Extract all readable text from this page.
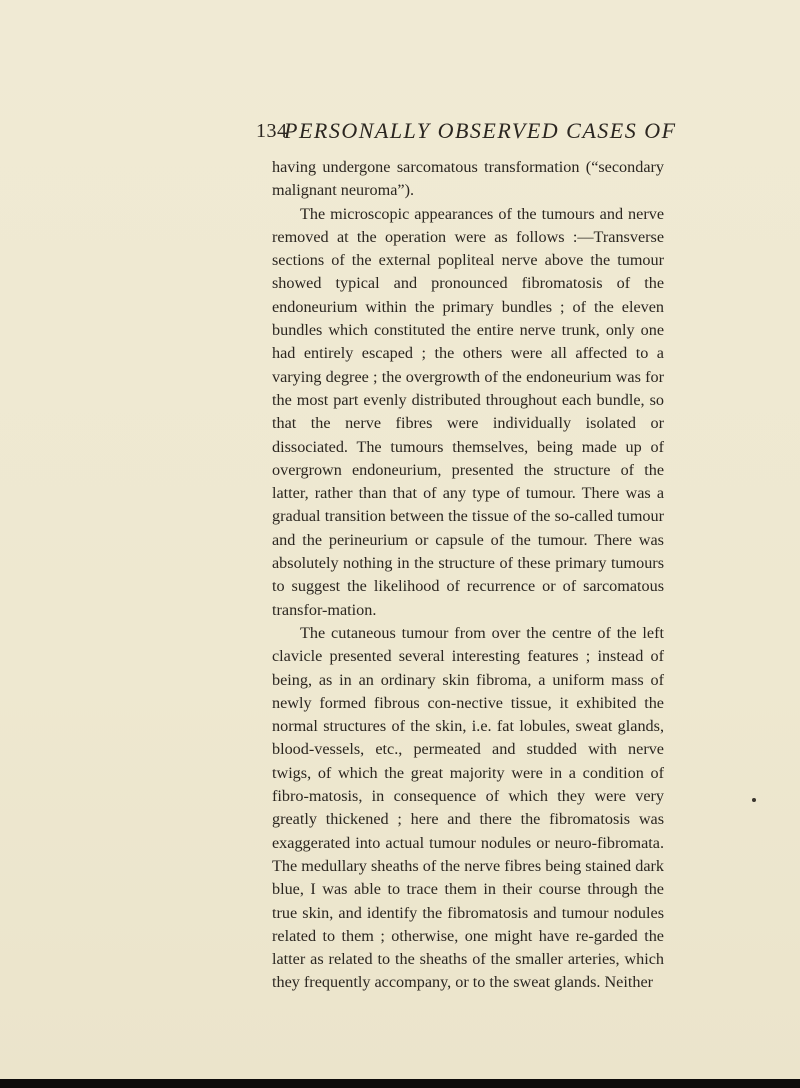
134
PERSONALLY OBSERVED CASES OF

having undergone sarcomatous transformation (“secondary malignant neuroma”).

The microscopic appearances of the tumours and nerve removed at the operation were as follows :—Transverse sections of the external popliteal nerve above the tumour showed typical and pronounced fibromatosis of the endoneurium within the primary bundles ; of the eleven bundles which constituted the entire nerve trunk, only one had entirely escaped ; the others were all affected to a varying degree ; the overgrowth of the endoneurium was for the most part evenly distributed throughout each bundle, so that the nerve fibres were individually isolated or dissociated. The tumours themselves, being made up of overgrown endoneurium, presented the structure of the latter, rather than that of any type of tumour. There was a gradual transition between the tissue of the so-called tumour and the perineurium or capsule of the tumour. There was absolutely nothing in the structure of these primary tumours to suggest the likelihood of recurrence or of sarcomatous transfor-mation.

The cutaneous tumour from over the centre of the left clavicle presented several interesting features ; instead of being, as in an ordinary skin fibroma, a uniform mass of newly formed fibrous con-nective tissue, it exhibited the normal structures of the skin, i.e. fat lobules, sweat glands, blood-vessels, etc., permeated and studded with nerve twigs, of which the great majority were in a condition of fibro-matosis, in consequence of which they were very greatly thickened ; here and there the fibromatosis was exaggerated into actual tumour nodules or neuro-fibromata. The medullary sheaths of the nerve fibres being stained dark blue, I was able to trace them in their course through the true skin, and identify the fibromatosis and tumour nodules related to them ; otherwise, one might have re-garded the latter as related to the sheaths of the smaller arteries, which they frequently accompany, or to the sweat glands. Neither
